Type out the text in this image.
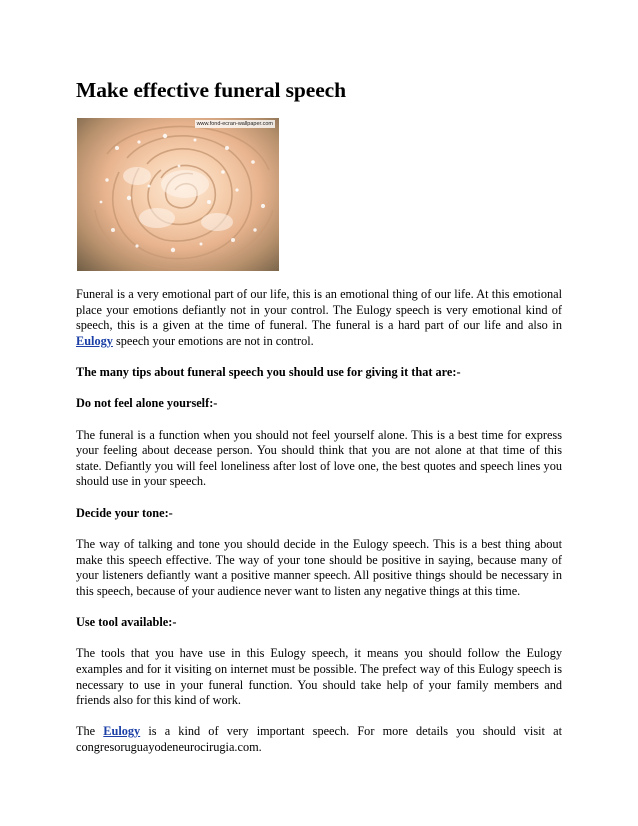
Make effective funeral speech
www.fond-ecran-wallpaper.com

Funeral is a very emotional part of our life, this is an emotional thing of our life. At this emotional place your emotions defiantly not in your control. The Eulogy speech is very emotional kind of speech, this is a given at the time of funeral. The funeral is a hard part of our life and also in Eulogy speech your emotions are not in control.

The many tips about funeral speech you should use for giving it that are:-

Do not feel alone yourself:-

The funeral is a function when you should not feel yourself alone. This is a best time for express your feeling about decease person. You should think that you are not alone at that time of this state. Defiantly you will feel loneliness after lost of love one, the best quotes and speech lines you should use in your speech.

Decide your tone:-

The way of talking and tone you should decide in the Eulogy speech. This is a best thing about make this speech effective. The way of your tone should be positive in saying, because many of your listeners defiantly want a positive manner speech. All positive things should be necessary in this speech, because of your audience never want to listen any negative things at this time.

Use tool available:-

The tools that you have use in this Eulogy speech, it means you should follow the Eulogy examples and for it visiting on internet must be possible. The prefect way of this Eulogy speech is necessary to use in your funeral function. You should take help of your family members and friends also for this kind of work.

The Eulogy is a kind of very important speech. For more details you should visit at congresoruguayodeneurocirugia.com.
